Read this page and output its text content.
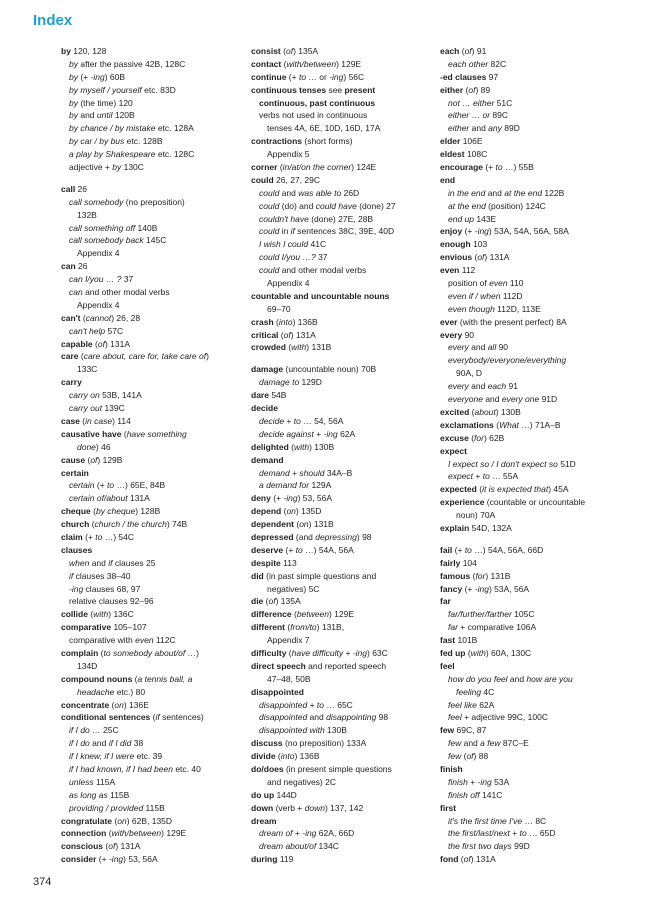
Index
by 120, 128
by after the passive 42B, 128C
by (+ -ing) 60B
by myself / yourself etc. 83D
by (the time) 120
by and until 120B
by chance / by mistake etc. 128A
by car / by bus etc. 128B
a play by Shakespeare etc. 128C
adjective + by 130C
call 26
call somebody (no preposition)
132B
call something off 140B
call somebody back 145C
Appendix 4
can 26
can I/you … ? 37
can and other modal verbs
Appendix 4
can't (cannot) 26, 28
can't help 57C
capable (of) 131A
care (care about, care for, take care of)
133C
carry
carry on 53B, 141A
carry out 139C
case (in case) 114
causative have (have something
done) 46
cause (of) 129B
certain
certain (+ to …) 65E, 84B
certain of/about 131A
cheque (by cheque) 128B
church (church / the church) 74B
claim (+ to …) 54C
clauses
when and if clauses 25
if clauses 38–40
-ing clauses 68, 97
relative clauses 92–96
collide (with) 136C
comparative 105–107
comparative with even 112C
complain (to somebody about/of …)
134D
compound nouns (a tennis ball, a
headache etc.) 80
concentrate (on) 136E
conditional sentences (if sentences)
if I do … 25C
if I do and if I did 38
if I knew, if I were etc. 39
if I had known, if I had been etc. 40
unless 115A
as long as 115B
providing / provided 115B
congratulate (on) 62B, 135D
connection (with/between) 129E
conscious (of) 131A
consider (+ -ing) 53, 56A
consist (of) 135A
contact (with/between) 129E
continue (+ to … or -ing) 56C
continuous tenses see present
continuous, past continuous
verbs not used in continuous
tenses 4A, 6E, 10D, 16D, 17A
contractions (short forms)
Appendix 5
corner (in/at/on the corner) 124E
could 26, 27, 29C
could and was able to 26D
could (do) and could have (done) 27
couldn't have (done) 27E, 28B
could in if sentences 38C, 39E, 40D
I wish I could 41C
could I/you …? 37
could and other modal verbs
Appendix 4
countable and uncountable nouns
69–70
crash (into) 136B
critical (of) 131A
crowded (with) 131B
damage (uncountable noun) 70B
damage to 129D
dare 54B
decide
decide + to … 54, 56A
decide against + -ing 62A
delighted (with) 130B
demand
demand + should 34A–B
a demand for 129A
deny (+ -ing) 53, 56A
depend (on) 135D
dependent (on) 131B
depressed (and depressing) 98
deserve (+ to …) 54A, 56A
despite 113
did (in past simple questions and
negatives) 5C
die (of) 135A
difference (between) 129E
different (from/to) 131B,
Appendix 7
difficulty (have difficulty + -ing) 63C
direct speech and reported speech
47–48, 50B
disappointed
disappointed + to … 65C
disappointed and disappointing 98
disappointed with 130B
discuss (no preposition) 133A
divide (into) 136B
do/does (in present simple questions
and negatives) 2C
do up 144D
down (verb + down) 137, 142
dream
dream of + -ing 62A, 66D
dream about/of 134C
during 119
each (of) 91
each other 82C
-ed clauses 97
either (of) 89
not … either 51C
either … or 89C
either and any 89D
elder 106E
eldest 108C
encourage (+ to …) 55B
end
in the end and at the end 122B
at the end (position) 124C
end up 143E
enjoy (+ -ing) 53A, 54A, 56A, 58A
enough 103
envious (of) 131A
even 112
position of even 110
even if / when 112D
even though 112D, 113E
ever (with the present perfect) 8A
every 90
every and all 90
everybody/everyone/everything
90A, D
every and each 91
everyone and every one 91D
excited (about) 130B
exclamations (What …) 71A–B
excuse (for) 62B
expect
I expect so / I don't expect so 51D
expect + to … 55A
expected (it is expected that) 45A
experience (countable or uncountable
noun) 70A
explain 54D, 132A
fail (+ to …) 54A, 56A, 66D
fairly 104
famous (for) 131B
fancy (+ -ing) 53A, 56A
far
far/further/farther 105C
far + comparative 106A
fast 101B
fed up (with) 60A, 130C
feel
how do you feel and how are you
feeling 4C
feel like 62A
feel + adjective 99C, 100C
few 69C, 87
few and a few 87C–E
few (of) 88
finish
finish + -ing 53A
finish off 141C
first
it's the first time I've … 8C
the first/last/next + to … 65D
the first two days 99D
fond (of) 131A
374
